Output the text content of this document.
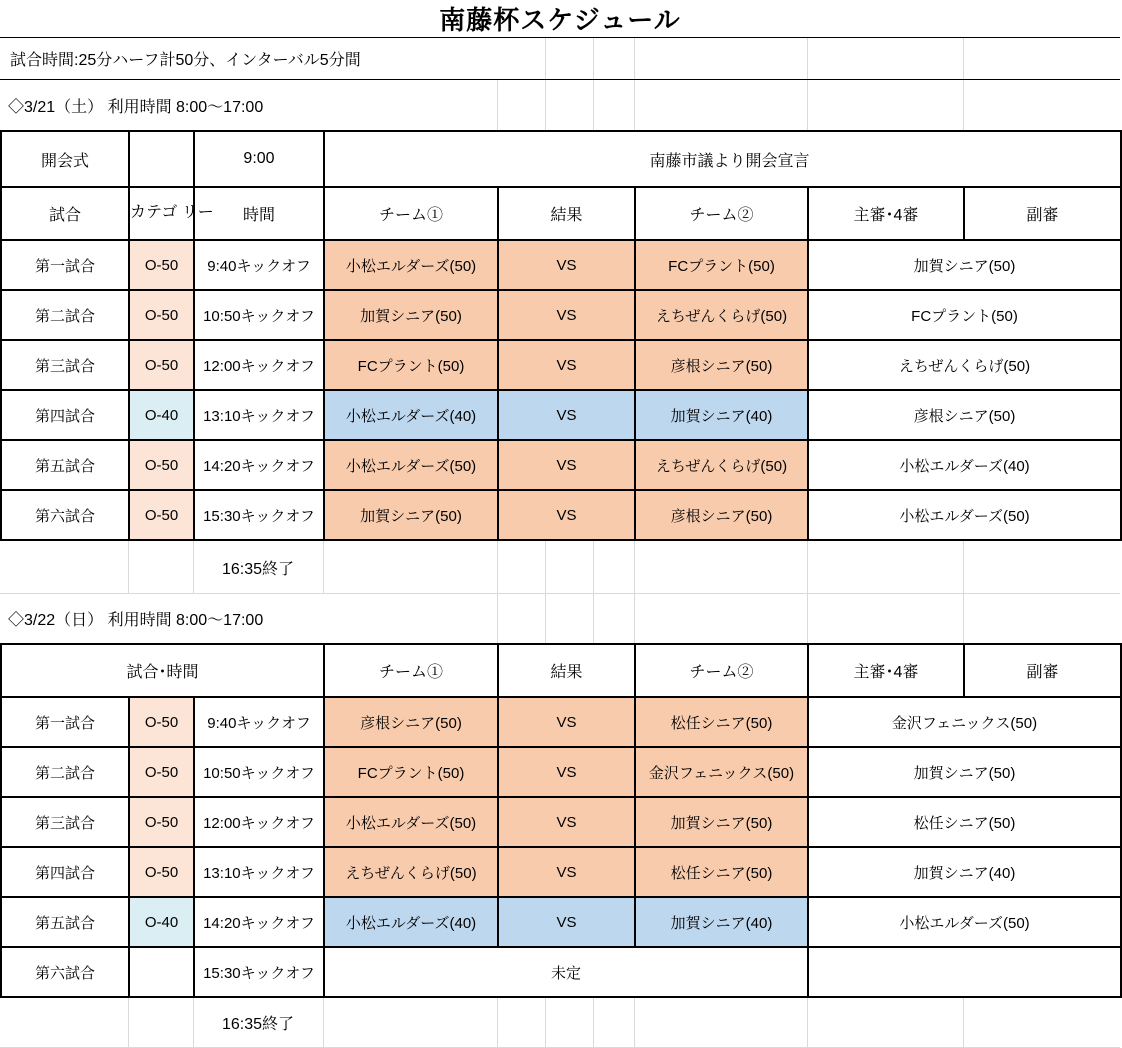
南藤杯スケジュール
試合時間:25分ハーフ計50分、インターバル5分間
◇3/21（土） 利用時間 8:00～17:00
開会式		9:00	南藤市議より開会宣言				
試合	カテゴ リー	時間	チーム①	結果	チーム②	主審･4審	副審
第一試合	O-50	9:40キックオフ	小松エルダーズ(50)	VS	FCプラント(50)	加賀シニア(50)	
第二試合	O-50	10:50キックオフ	加賀シニア(50)	VS	えちぜんくらげ(50)	FCプラント(50)	
第三試合	O-50	12:00キックオフ	FCプラント(50)	VS	彦根シニア(50)	えちぜんくらげ(50)	
第四試合	O-40	13:10キックオフ	小松エルダーズ(40)	VS	加賀シニア(40)	彦根シニア(50)	
第五試合	O-50	14:20キックオフ	小松エルダーズ(50)	VS	えちぜんくらげ(50)	小松エルダーズ(40)	
第六試合	O-50	15:30キックオフ	加賀シニア(50)	VS	彦根シニア(50)	小松エルダーズ(50)	
16:35終了
◇3/22（日） 利用時間 8:00～17:00
試合･時間			チーム①	結果	チーム②	主審･4審	副審
第一試合	O-50	9:40キックオフ	彦根シニア(50)	VS	松任シニア(50)	金沢フェニックス(50)	
第二試合	O-50	10:50キックオフ	FCプラント(50)	VS	金沢フェニックス(50)	加賀シニア(50)	
第三試合	O-50	12:00キックオフ	小松エルダーズ(50)	VS	加賀シニア(50)	松任シニア(50)	
第四試合	O-50	13:10キックオフ	えちぜんくらげ(50)	VS	松任シニア(50)	加賀シニア(40)	
第五試合	O-40	14:20キックオフ	小松エルダーズ(40)	VS	加賀シニア(40)	小松エルダーズ(50)	
第六試合		15:30キックオフ	未定				
16:35終了
